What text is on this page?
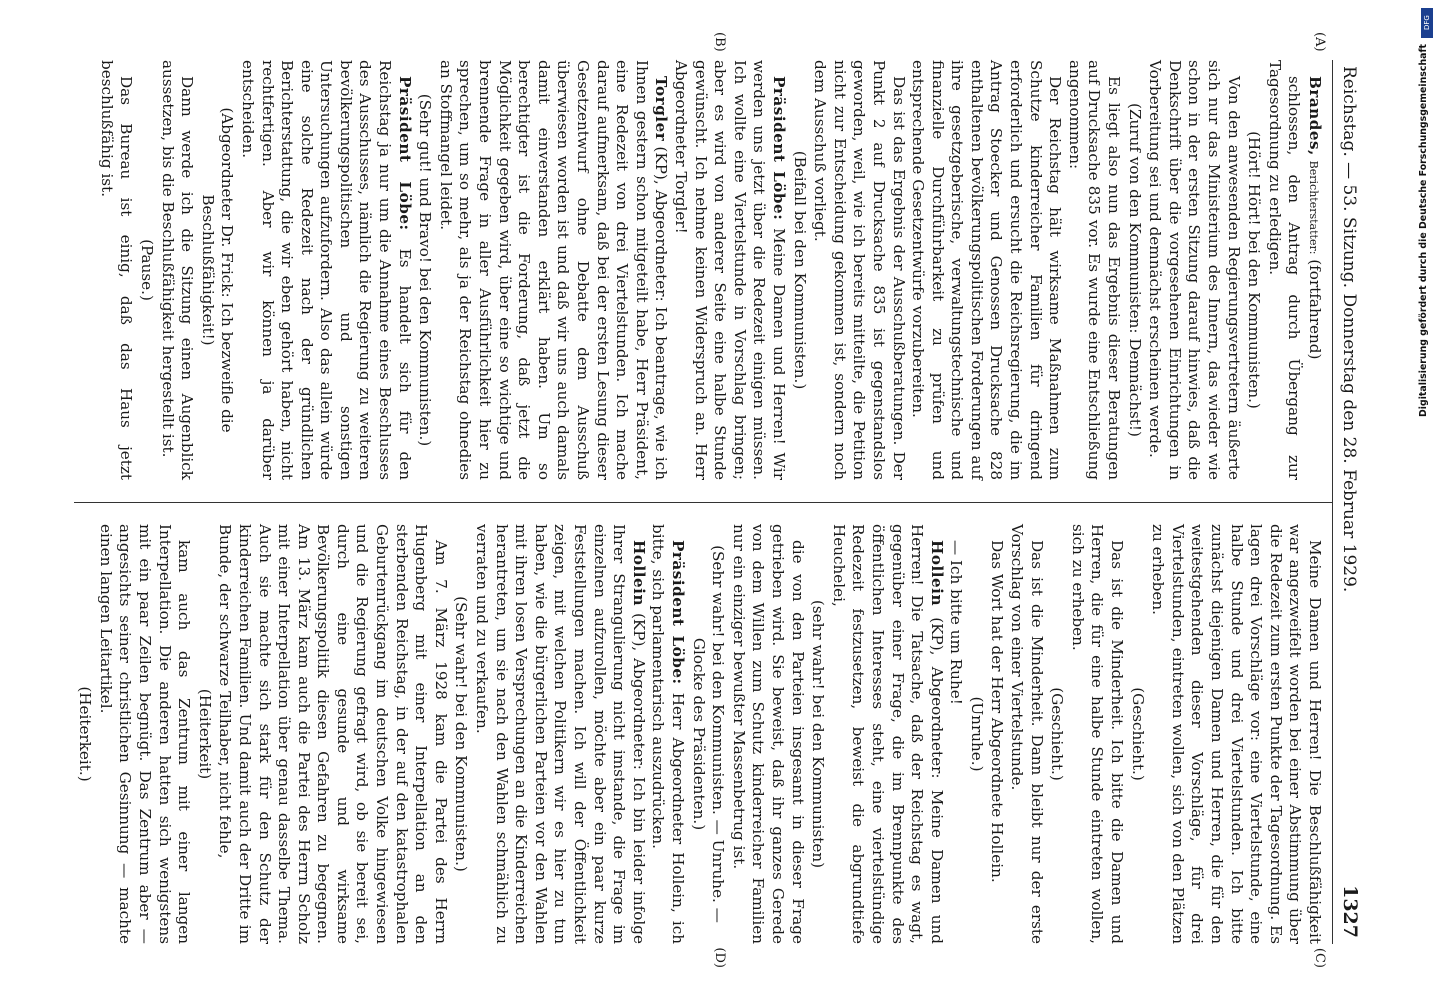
Reichstag. — 53. Sitzung. Donnerstag den 28. Februar 1929.
1327

Brandes, Berichterstatter: (fortfahrend)

schlossen, den Antrag durch Übergang zur Tagesordnung zu erledigen.

(Hört! Hört! bei den Kommunisten.)

Von den anwesenden Regierungsvertretern äußerte sich nur das Ministerium des Innern, das wieder wie schon in der ersten Sitzung darauf hinwies, daß die Denkschrift über die vorgesehenen Einrichtungen in Vorbereitung sei und demnächst erscheinen werde.

(Zuruf von den Kommunisten: Demnächst!)

Es liegt also nun das Ergebnis dieser Beratungen auf Drucksache 835 vor. Es wurde eine Entschließung angenommen:

Der Reichstag hält wirksame Maßnahmen zum Schutze kinderreicher Familien für dringend erforderlich und ersucht die Reichsregierung, die im Antrag Stoecker und Genossen Drucksache 828 enthaltenen bevölkerungspolitischen Forderungen auf ihre gesetzgeberische, verwaltungstechnische und finanzielle Durchführbarkeit zu prüfen und entsprechende Gesetzentwürfe vorzubereiten.

Das ist das Ergebnis der Ausschußberatungen. Der Punkt 2 auf Drucksache 835 ist gegenstandslos geworden, weil, wie ich bereits mitteilte, die Petition nicht zur Entscheidung gekommen ist, sondern noch dem Ausschuß vorliegt.

(Beifall bei den Kommunisten.)

Präsident Löbe: Meine Damen und Herren! Wir werden uns jetzt über die Redezeit einigen müssen. Ich wollte eine Viertelstunde in Vorschlag bringen; aber es wird von anderer Seite eine halbe Stunde gewünscht. Ich nehme keinen Widerspruch an. Herr Abgeordneter Torgler!

Torgler (KP), Abgeordneter: Ich beantrage, wie ich Ihnen gestern schon mitgeteilt habe, Herr Präsident, eine Redezeit von drei Viertelstunden. Ich mache darauf aufmerksam, daß bei der ersten Lesung dieser Gesetzentwurf ohne Debatte dem Ausschuß überwiesen worden ist und daß wir uns auch damals damit einverstanden erklärt haben. Um so berechtigter ist die Forderung, daß jetzt die Möglichkeit gegeben wird, über eine so wichtige und brennende Frage in aller Ausführlichkeit hier zu sprechen, um so mehr, als ja der Reichstag ohnedies an Stoffmangel leidet.

(Sehr gut! und Bravo! bei den Kommunisten.)

Präsident Löbe: Es handelt sich für den Reichstag ja nur um die Annahme eines Beschlusses des Ausschusses, nämlich die Regierung zu weiteren bevölkerungspolitischen und sonstigen Untersuchungen aufzufordern. Also das allein würde eine solche Redezeit nach der gründlichen Berichterstattung, die wir eben gehört haben, nicht rechtfertigen. Aber wir können ja darüber entscheiden.

(Abgeordneter Dr. Frick: Ich bezweifle die Beschlußfähigkeit!)

Dann werde ich die Sitzung einen Augenblick aussetzen, bis die Beschlußfähigkeit hergestellt ist.

(Pause.)

Das Bureau ist einig, daß das Haus jetzt beschlußfähig ist.

Meine Damen und Herren! Die Beschlußfähigkeit war angezweifelt worden bei einer Abstimmung über die Redezeit zum ersten Punkte der Tagesordnung. Es lagen drei Vorschläge vor: eine Viertelstunde, eine halbe Stunde und drei Viertelstunden. Ich bitte zunächst diejenigen Damen und Herren, die für den weitestgehenden dieser Vorschläge, für drei Viertelstunden, eintreten wollen, sich von den Plätzen zu erheben.

(Geschieht.)

Das ist die Minderheit. Ich bitte die Damen und Herren, die für eine halbe Stunde eintreten wollen, sich zu erheben.

(Geschieht.)

Das ist die Minderheit. Dann bleibt nur der erste Vorschlag von einer Viertelstunde.

Das Wort hat der Herr Abgeordnete Hollein.

(Unruhe.)

— Ich bitte um Ruhe!

Hollein (KP), Abgeordneter: Meine Damen und Herren! Die Tatsache, daß der Reichstag es wagt, gegenüber einer Frage, die im Brennpunkte des öffentlichen Interesses steht, eine viertelstündige Redezeit festzusetzen, beweist die abgrundtiefe Heuchelei,

(sehr wahr! bei den Kommunisten)

die von den Parteien insgesamt in dieser Frage getrieben wird. Sie beweist, daß ihr ganzes Gerede von dem Willen zum Schutz kinderreicher Familien nur ein einziger bewußter Massenbetrug ist.

(Sehr wahr! bei den Kommunisten. — Unruhe. — Glocke des Präsidenten.)

Präsident Löbe: Herr Abgeordneter Hollein, ich bitte, sich parlamentarisch auszudrücken.

Hollein (KP), Abgeordneter: Ich bin leider infolge Ihrer Strangulierung nicht imstande, die Frage im einzelnen aufzurollen, möchte aber ein paar kurze Feststellungen machen. Ich will der Öffentlichkeit zeigen, mit welchen Politikern wir es hier zu tun haben, wie die bürgerlichen Parteien vor den Wahlen mit ihren losen Versprechungen an die Kinderreichen herantreten, um sie nach den Wahlen schmählich zu verraten und zu verkaufen.

(Sehr wahr! bei den Kommunisten.)

Am 7. März 1928 kam die Partei des Herrn Hugenberg mit einer Interpellation an den sterbenden Reichstag, in der auf den katastrophalen Geburtenrückgang im deutschen Volke hingewiesen und die Regierung gefragt wird, ob sie bereit sei, durch eine gesunde und wirksame Bevölkerungspolitik diesen Gefahren zu begegnen. Am 13. März kam auch die Partei des Herrn Scholz mit einer Interpellation über genau dasselbe Thema. Auch sie machte sich stark für den Schutz der kinderreichen Familien. Und damit auch der Dritte im Bunde, der schwarze Teilhaber, nicht fehle,

(Heiterkeit)

kam auch das Zentrum mit einer langen Interpellation. Die anderen hatten sich wenigstens mit ein paar Zeilen begnügt. Das Zentrum aber — angesichts seiner christlichen Gesinnung — machte einen langen Leitartikel.

(Heiterkeit.)

(A)
(B)
(C)
(D)
DFG
Digitalisierung gefördert durch die Deutsche Forschungsgemeinschaft
